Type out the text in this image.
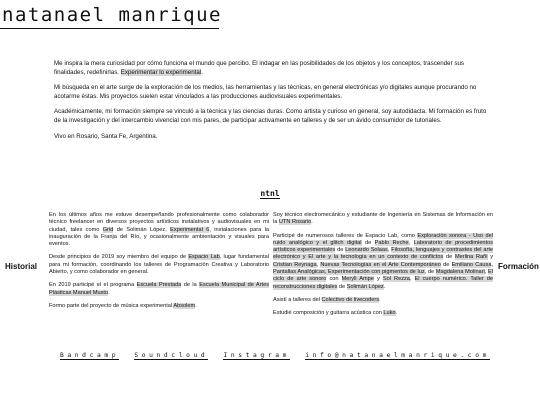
natanael manrique

Me inspira la mera curiosidad por cómo funciona el mundo que percibo. El indagar en las posibilidades de los objetos y los conceptos, trascender sus finalidades, redefinirlas. Experimentar lo experimental.

Mi búsqueda en el arte surge de la exploración de los medios, las herramientas y las técnicas, en general electrónicas y/o digitales aunque procurando no acotarme éstas. Mis proyectos suelen estar vinculados a las producciones audiovisuales experimentales.

Académicamente, mi formación siempre se vinculó a la técnica y las ciencias duras. Como artista y curioso en general, soy autodidacta. Mi formación es fruto de la investigación y del intercambio vivencial con mis pares, de participar activamente en talleres y de ser un ávido consumidor de tutoriales.

Vivo en Rosario, Santa Fe, Argentina.

ntnl
Historial	Formación

En los últimos años me estuve desempeñando profesionalmente como colaborador técnico freelancer en diversos proyectos artísticos instalativos y audiovisuales en mi ciudad, tales como Grid de Solimán López, Experimental 6, instalaciones para la inauguración de la Franja del Río, y ocasionalmente ambientación y visuales para eventos.

Desde principios de 2019 soy miembro del equipo de Espacio Lab, lugar fundamental para mi formación, coordinando los talleres de Programación Creativa y Laboratorio Abierto, y como colaborador en general.

En 2019 participé el el programa Escuela Prestada de la Escuela Municipal de Artes Plásticas Manuel Musto.

Formo parte del proyecto de música experimental Absolem.

Soy técnico electromecánico y estudiante de Ingeniería en Sistemas de Información en la UTN Rosario.

Participé de numerosos talleres de Espacio Lab, como Exploración sonora - Uso del ruido analógico y el glitch digital de Pablo Reche, Laboratorio de procedimientos artísticos experimentales de Leonardo Solaas, Filosofía, lenguajes y contrastes del arte electrónico y El arte y la tecnología en un contexto de conflictos de Merlina Rañi y Cristian Reynaga, Nuevas Tecnologías en el Arte Contemporáneo de Emiliano Causa, Pantallas Analógicas, Experimentación con pigmentos de luz, de Magdalena Molinari, El ciclo de arte sonoro con Meryll Ampe y Sol Rezza, El cuerpo numérico. Taller de reconstrucciones digitales de Solimán López.

Asistí a talleres del Colectivo de livecoders.

Estudié composición y guitarra acústica con Luko.

Bandcamp Soundcloud Instagram info@natanaelmanrique.com
